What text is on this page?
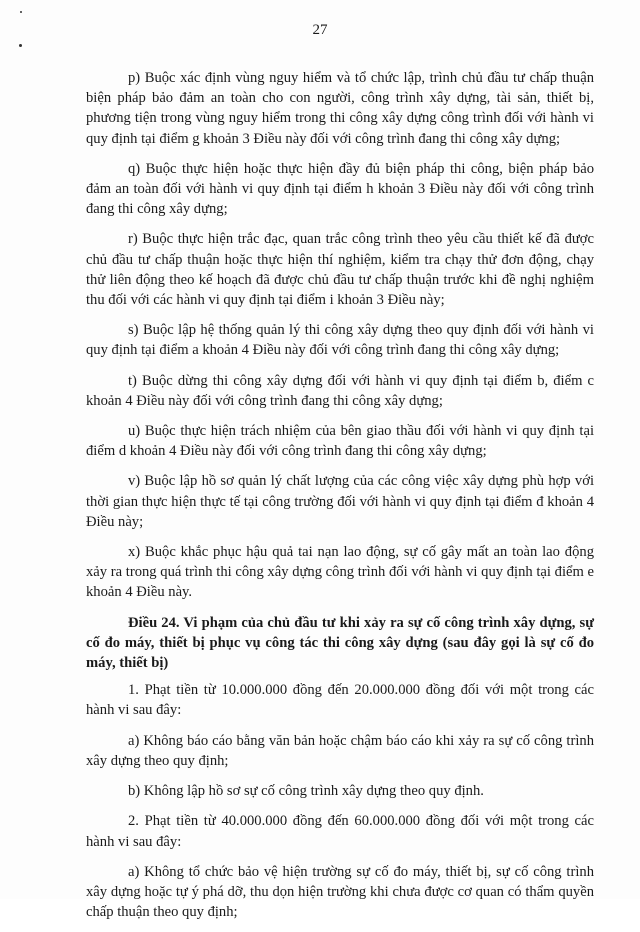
27

p) Buộc xác định vùng nguy hiểm và tổ chức lập, trình chủ đầu tư chấp thuận biện pháp bảo đảm an toàn cho con người, công trình xây dựng, tài sản, thiết bị, phương tiện trong vùng nguy hiểm trong thi công xây dựng công trình đối với hành vi quy định tại điểm g khoản 3 Điều này đối với công trình đang thi công xây dựng;

q) Buộc thực hiện hoặc thực hiện đầy đủ biện pháp thi công, biện pháp bảo đảm an toàn đối với hành vi quy định tại điểm h khoản 3 Điều này đối với công trình đang thi công xây dựng;

r) Buộc thực hiện trắc đạc, quan trắc công trình theo yêu cầu thiết kế đã được chủ đầu tư chấp thuận hoặc thực hiện thí nghiệm, kiểm tra chạy thử đơn động, chạy thử liên động theo kế hoạch đã được chủ đầu tư chấp thuận trước khi đề nghị nghiệm thu đối với các hành vi quy định tại điểm i khoản 3 Điều này;

s) Buộc lập hệ thống quản lý thi công xây dựng theo quy định đối với hành vi quy định tại điểm a khoản 4 Điều này đối với công trình đang thi công xây dựng;

t) Buộc dừng thi công xây dựng đối với hành vi quy định tại điểm b, điểm c khoản 4 Điều này đối với công trình đang thi công xây dựng;

u) Buộc thực hiện trách nhiệm của bên giao thầu đối với hành vi quy định tại điểm d khoản 4 Điều này đối với công trình đang thi công xây dựng;

v) Buộc lập hồ sơ quản lý chất lượng của các công việc xây dựng phù hợp với thời gian thực hiện thực tế tại công trường đối với hành vi quy định tại điểm đ khoản 4 Điều này;

x) Buộc khắc phục hậu quả tai nạn lao động, sự cố gây mất an toàn lao động xảy ra trong quá trình thi công xây dựng công trình đối với hành vi quy định tại điểm e khoản 4 Điều này.

Điều 24. Vi phạm của chủ đầu tư khi xảy ra sự cố công trình xây dựng, sự cố đo máy, thiết bị phục vụ công tác thi công xây dựng (sau đây gọi là sự cố đo máy, thiết bị)

1. Phạt tiền từ 10.000.000 đồng đến 20.000.000 đồng đối với một trong các hành vi sau đây:

a) Không báo cáo bằng văn bản hoặc chậm báo cáo khi xảy ra sự cố công trình xây dựng theo quy định;

b) Không lập hồ sơ sự cố công trình xây dựng theo quy định.

2. Phạt tiền từ 40.000.000 đồng đến 60.000.000 đồng đối với một trong các hành vi sau đây:

a) Không tổ chức bảo vệ hiện trường sự cố đo máy, thiết bị, sự cố công trình xây dựng hoặc tự ý phá dỡ, thu dọn hiện trường khi chưa được cơ quan có thẩm quyền chấp thuận theo quy định;
